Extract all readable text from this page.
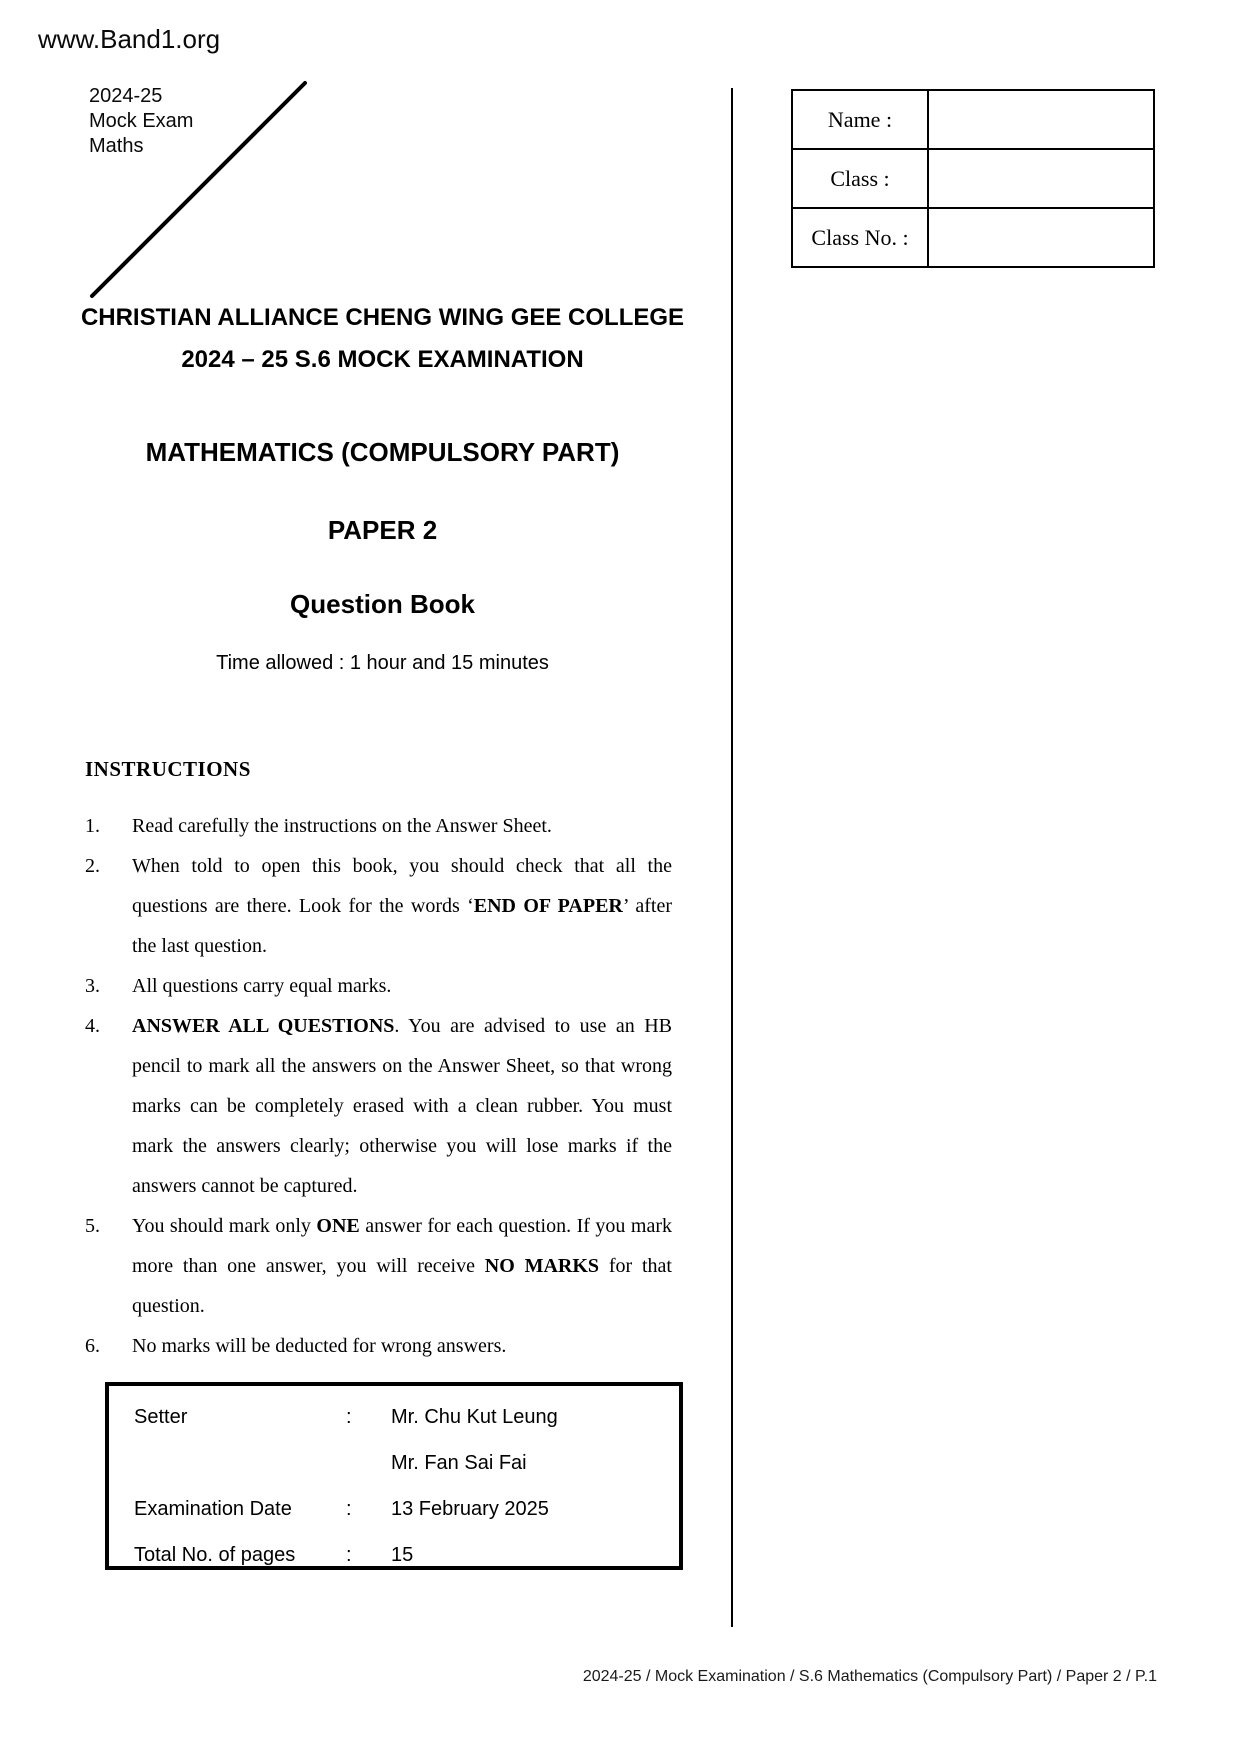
www.Band1.org
2024-25
Mock Exam
Maths
Name :	
Class :	
Class No. :	
CHRISTIAN ALLIANCE CHENG WING GEE COLLEGE
2024 – 25 S.6 MOCK EXAMINATION
MATHEMATICS (COMPULSORY PART)
PAPER 2
Question Book
Time allowed : 1 hour and 15 minutes
INSTRUCTIONS
1.	Read carefully the instructions on the Answer Sheet.

2.	When told to open this book, you should check that all the questions are there. Look for the words ‘END OF PAPER’ after the last question.

3.	All questions carry equal marks.

4.	ANSWER ALL QUESTIONS. You are advised to use an HB pencil to mark all the answers on the Answer Sheet, so that wrong marks can be completely erased with a clean rubber. You must mark the answers clearly; otherwise you will lose marks if the answers cannot be captured.

5.	You should mark only ONE answer for each question. If you mark more than one answer, you will receive NO MARKS for that question.

6.	No marks will be deducted for wrong answers.

Setter	:	Mr. Chu Kut Leung
Mr. Fan Sai Fai
Examination Date	:	13 February 2025
Total No. of pages	:	15
2024-25 / Mock Examination / S.6 Mathematics (Compulsory Part) / Paper 2 / P.1
